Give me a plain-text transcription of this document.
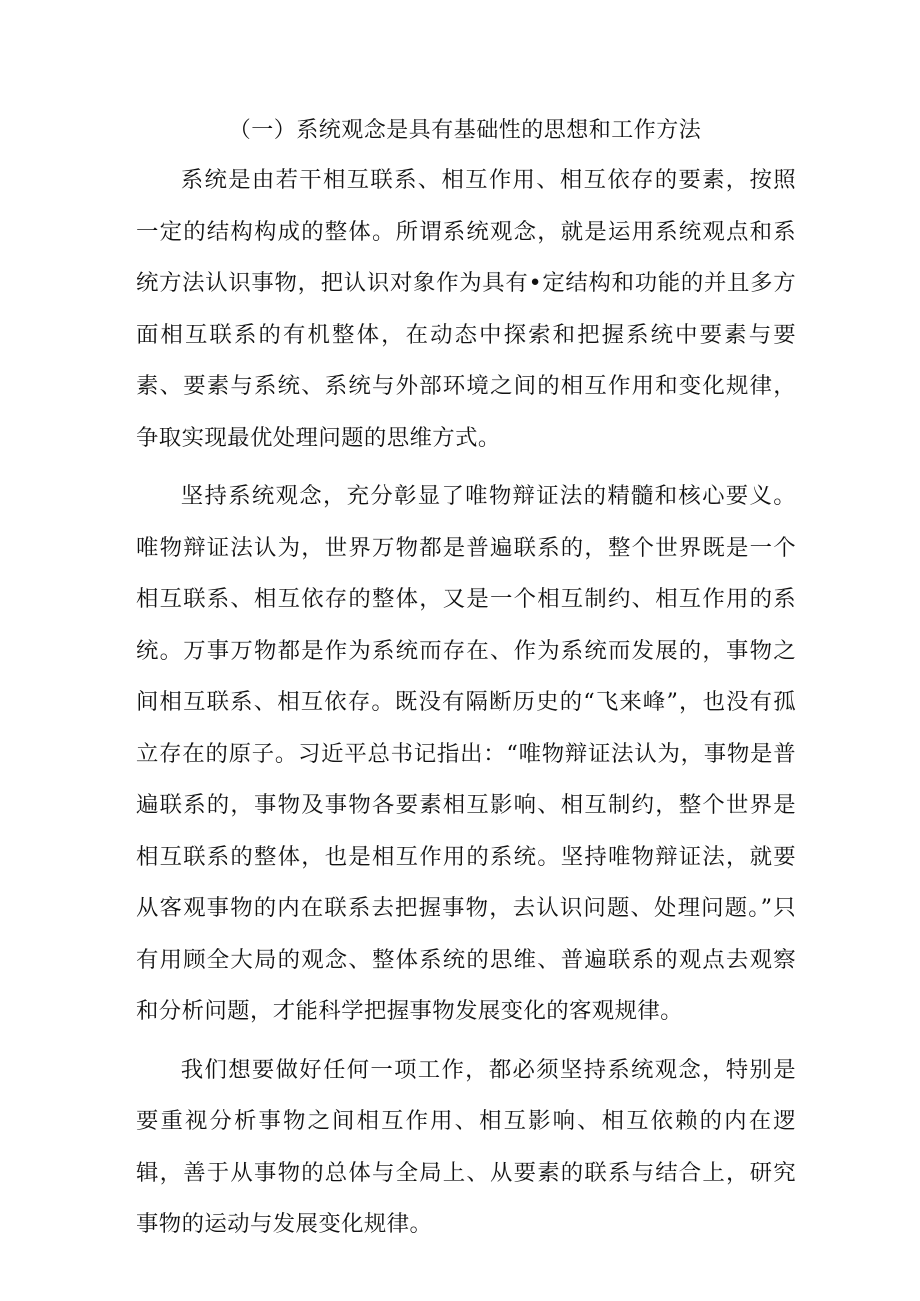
（一）系统观念是具有基础性的思想和工作方法

系统是由若干相互联系、相互作用、相互依存的要素，按照一定的结构构成的整体。所谓系统观念，就是运用系统观点和系统方法认识事物，把认识对象作为具有•定结构和功能的并且多方面相互联系的有机整体，在动态中探索和把握系统中要素与要素、要素与系统、系统与外部环境之间的相互作用和变化规律，争取实现最优处理问题的思维方式。

坚持系统观念，充分彰显了唯物辩证法的精髓和核心要义。唯物辩证法认为，世界万物都是普遍联系的，整个世界既是一个相互联系、相互依存的整体，又是一个相互制约、相互作用的系统。万事万物都是作为系统而存在、作为系统而发展的，事物之间相互联系、相互依存。既没有隔断历史的“飞来峰”，也没有孤立存在的原子。习近平总书记指出：“唯物辩证法认为，事物是普遍联系的，事物及事物各要素相互影响、相互制约，整个世界是相互联系的整体，也是相互作用的系统。坚持唯物辩证法，就要从客观事物的内在联系去把握事物，去认识问题、处理问题。”只有用顾全大局的观念、整体系统的思维、普遍联系的观点去观察和分析问题，才能科学把握事物发展变化的客观规律。

我们想要做好任何一项工作，都必须坚持系统观念，特别是要重视分析事物之间相互作用、相互影响、相互依赖的内在逻辑，善于从事物的总体与全局上、从要素的联系与结合上，研究事物的运动与发展变化规律。
